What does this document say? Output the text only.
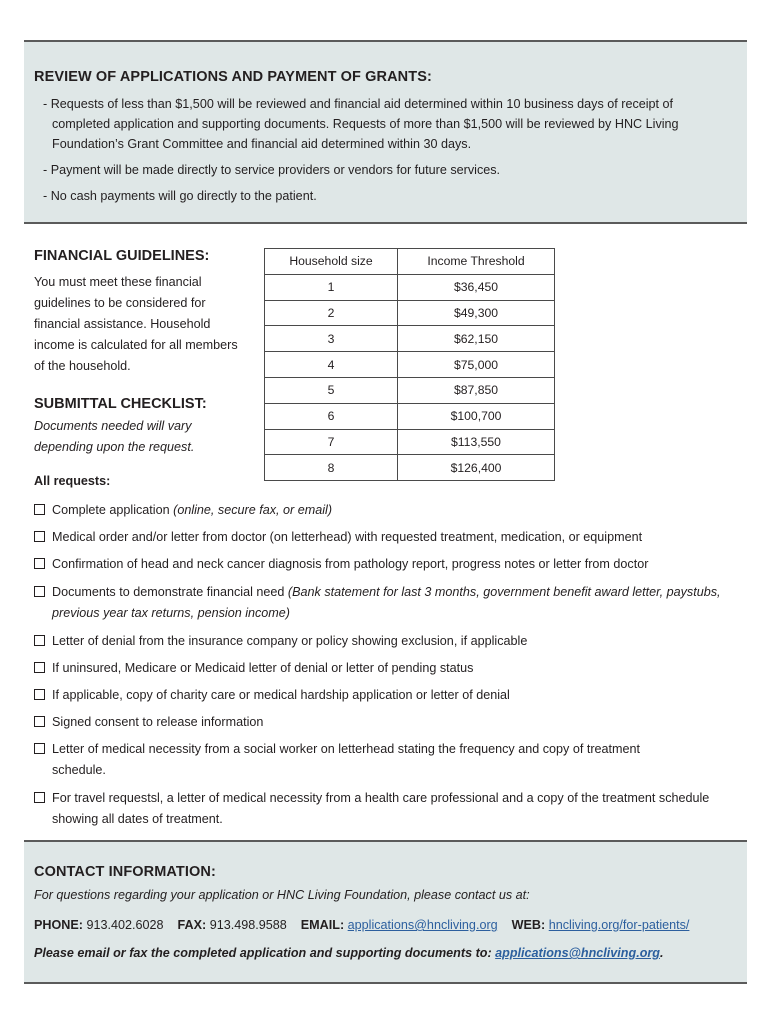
REVIEW OF APPLICATIONS AND PAYMENT OF GRANTS:
- Requests of less than $1,500 will be reviewed and financial aid determined within 10 business days of receipt of completed application and supporting documents. Requests of more than $1,500 will be reviewed by HNC Living Foundation’s Grant Committee and financial aid determined within 30 days.
- Payment will be made directly to service providers or vendors for future services.
- No cash payments will go directly to the patient.
FINANCIAL GUIDELINES:

You must meet these financial guidelines to be considered for financial assistance. Household income is calculated for all members of the household.

SUBMITTAL CHECKLIST:

Documents needed will vary depending upon the request.

Household size	Income Threshold
1	$36,450
2	$49,300
3	$62,150
4	$75,000
5	$87,850
6	$100,700
7	$113,550
8	$126,400

All requests:

Complete application (online, secure fax, or email)
Medical order and/or letter from doctor (on letterhead) with requested treatment, medication, or equipment
Confirmation of head and neck cancer diagnosis from pathology report, progress notes or letter from doctor
Documents to demonstrate financial need (Bank statement for last 3 months, government benefit award letter, paystubs, previous year tax returns, pension income)
Letter of denial from the insurance company or policy showing exclusion, if applicable
If uninsured, Medicare or Medicaid letter of denial or letter of pending status
If applicable, copy of charity care or medical hardship application or letter of denial
Signed consent to release information
Letter of medical necessity from a social worker on letterhead stating the frequency and copy of treatment schedule.
For travel requestsl, a letter of medical necessity from a health care professional and a copy of the treatment schedule showing all dates of treatment.
CONTACT INFORMATION:
For questions regarding your application or HNC Living Foundation, please contact us at:
PHONE: 913.402.6028 FAX: 913.498.9588 EMAIL: applications@hncliving.org WEB: hncliving.org/for-patients/
Please email or fax the completed application and supporting documents to: applications@hncliving.org.
